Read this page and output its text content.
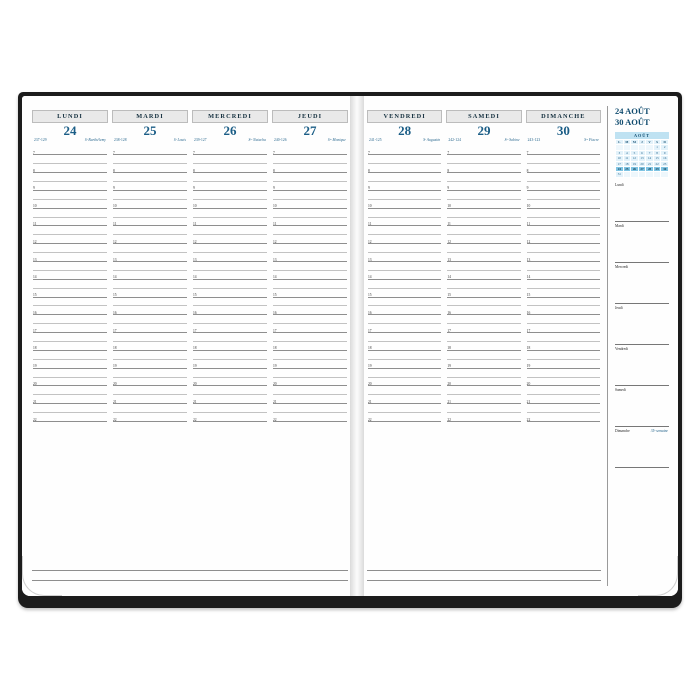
LUNDI
24
237-129	Sᵗ Barthélemy
MARDI
25
238-128	Sᵗ Louis
MERCREDI
26
239-127	Sᵗᵉ Natacha
JEUDI
27
240-126	Sᵗᵉ Monique
7
8
9
10
11
12
13
14
15
16
17
18
19
20
21
22
7
8
9
10
11
12
13
14
15
16
17
18
19
20
21
22
7
8
9
10
11
12
13
14
15
16
17
18
19
20
21
22
7
8
9
10
11
12
13
14
15
16
17
18
19
20
21
22
VENDREDI
28
241-125	Sᵗ Augustin
SAMEDI
29
242-124	Sᵗᵉ Sabine
DIMANCHE
30
243-123	Sᵗᵉ Fiacre
7
8
9
10
11
12
13
14
15
16
17
18
19
20
21
22
7
8
9
10
11
12
13
14
15
16
17
18
19
20
21
22
7
8
9
10
11
12
13
14
15
16
17
18
19
20
21
22
24 AOÛT
30 AOÛT
AOÛT
L	M	M	J	V	S	D
					1	2
3	4	5	6	7	8	9
10	11	12	13	14	15	16
17	18	19	20	21	22	23
24	25	26	27	28	29	30
31						
Lundi
Mardi
Mercredi
Jeudi
Vendredi
Samedi
Dimanche	35ᵉ semaine
